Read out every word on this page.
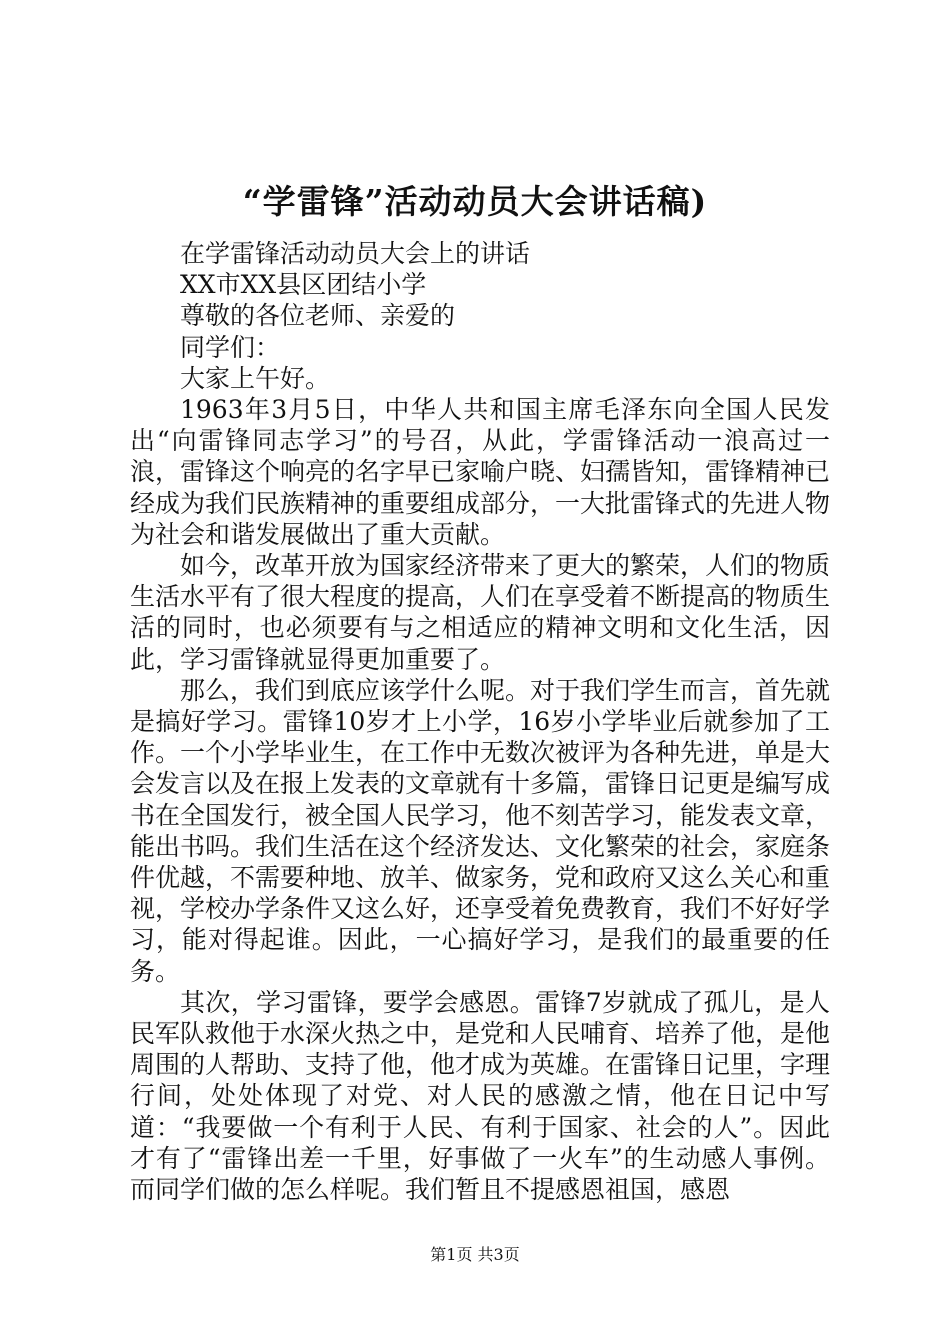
“学雷锋”活动动员大会讲话稿)
在学雷锋活动动员大会上的讲话
XX市XX县区团结小学
尊敬的各位老师、亲爱的
同学们：
大家上午好。
1963年3月5日，中华人共和国主席毛泽东向全国人民发出“向雷锋同志学习”的号召，从此，学雷锋活动一浪高过一浪，雷锋这个响亮的名字早已家喻户晓、妇孺皆知，雷锋精神已经成为我们民族精神的重要组成部分，一大批雷锋式的先进人物为社会和谐发展做出了重大贡献。
如今，改革开放为国家经济带来了更大的繁荣，人们的物质生活水平有了很大程度的提高，人们在享受着不断提高的物质生活的同时，也必须要有与之相适应的精神文明和文化生活，因此，学习雷锋就显得更加重要了。
那么，我们到底应该学什么呢。对于我们学生而言，首先就是搞好学习。雷锋10岁才上小学，16岁小学毕业后就参加了工作。一个小学毕业生，在工作中无数次被评为各种先进，单是大会发言以及在报上发表的文章就有十多篇，雷锋日记更是编写成书在全国发行，被全国人民学习，他不刻苦学习，能发表文章，能出书吗。我们生活在这个经济发达、文化繁荣的社会，家庭条件优越，不需要种地、放羊、做家务，党和政府又这么关心和重视，学校办学条件又这么好，还享受着免费教育，我们不好好学习，能对得起谁。因此，一心搞好学习，是我们的最重要的任务。
其次，学习雷锋，要学会感恩。雷锋7岁就成了孤儿，是人民军队救他于水深火热之中，是党和人民哺育、培养了他，是他周围的人帮助、支持了他，他才成为英雄。在雷锋日记里，字理行间，处处体现了对党、对人民的感激之情，他在日记中写道：“我要做一个有利于人民、有利于国家、社会的人”。因此才有了“雷锋出差一千里，好事做了一火车”的生动感人事例。而同学们做的怎么样呢。我们暂且不提感恩祖国，感恩
第1页 共3页
